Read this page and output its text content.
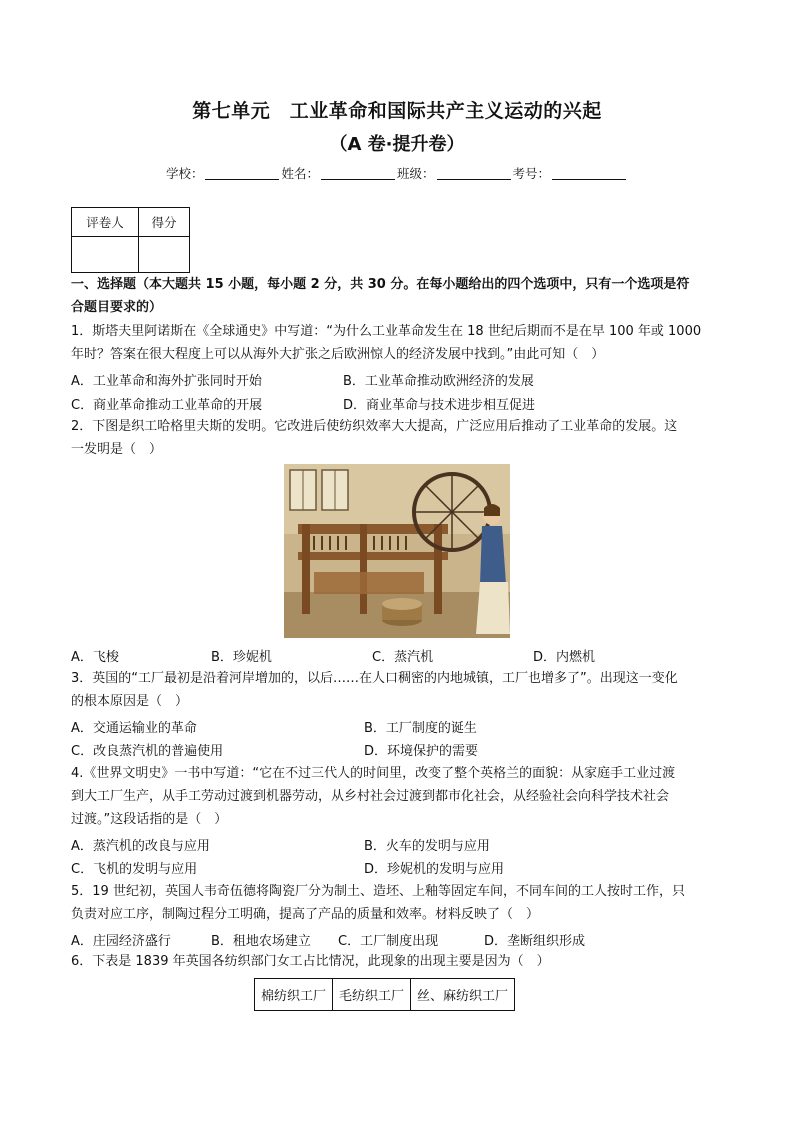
第七单元　工业革命和国际共产主义运动的兴起
（A 卷·提升卷）
学校：	姓名：	班级：	考号：
评卷人	得分

一、选择题（本大题共 15 小题，每小题 2 分，共 30 分。在每小题给出的四个选项中，只有一个选项是符
合题目要求的）
1．斯塔夫里阿诺斯在《全球通史》中写道：“为什么工业革命发生在 18 世纪后期而不是在早 100 年或 1000
年时？答案在很大程度上可以从海外大扩张之后欧洲惊人的经济发展中找到。”由此可知（　）
A．工业革命和海外扩张同时开始	B．工业革命推动欧洲经济的发展
C．商业革命推动工业革命的开展	D．商业革命与技术进步相互促进
2．下图是织工哈格里夫斯的发明。它改进后使纺织效率大大提高，广泛应用后推动了工业革命的发展。这
一发明是（　）
A．飞梭	B．珍妮机	C．蒸汽机	D．内燃机
3．英国的“工厂最初是沿着河岸增加的，以后……在人口稠密的内地城镇，工厂也增多了”。出现这一变化
的根本原因是（　）
A．交通运输业的革命	B．工厂制度的诞生
C．改良蒸汽机的普遍使用	D．环境保护的需要
4.《世界文明史》一书中写道：“它在不过三代人的时间里，改变了整个英格兰的面貌：从家庭手工业过渡
到大工厂生产，从手工劳动过渡到机器劳动，从乡村社会过渡到都市化社会，从经验社会向科学技术社会
过渡。”这段话指的是（　）
A．蒸汽机的改良与应用	B．火车的发明与应用
C．飞机的发明与应用	D．珍妮机的发明与应用
5．19 世纪初，英国人韦奇伍德将陶瓷厂分为制土、造坯、上釉等固定车间，不同车间的工人按时工作，只
负责对应工序，制陶过程分工明确，提高了产品的质量和效率。材料反映了（　）
A．庄园经济盛行	B．租地农场建立 C．工厂制度出现	D．垄断组织形成
6．下表是 1839 年英国各纺织部门女工占比情况，此现象的出现主要是因为（　）
棉纺织工厂	毛纺织工厂	丝、麻纺织工厂
